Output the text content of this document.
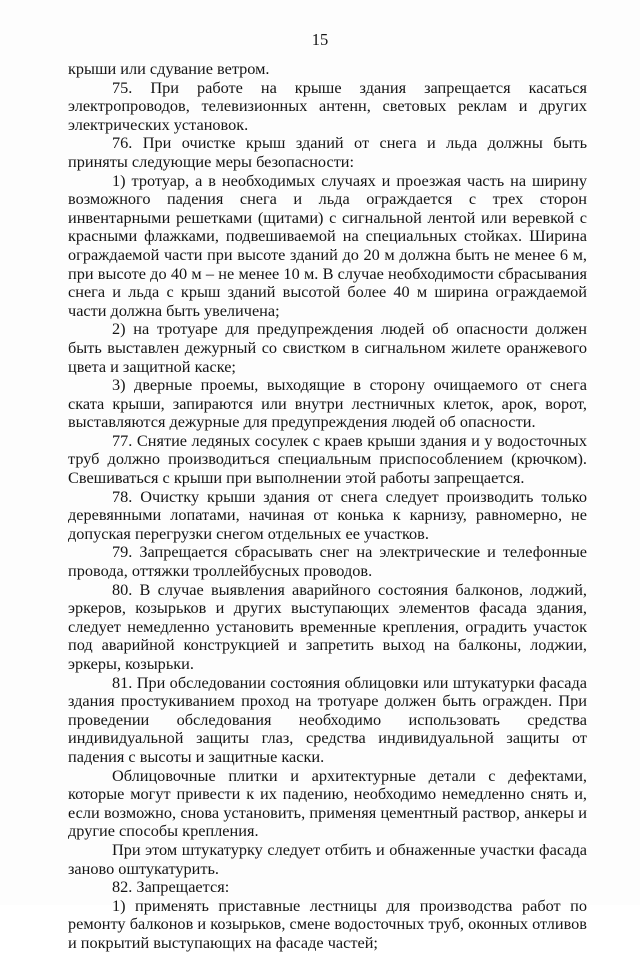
15

крыши или сдувание ветром.

75. При работе на крыше здания запрещается касаться электропроводов, телевизионных антенн, световых реклам и других электрических установок.

76. При очистке крыш зданий от снега и льда должны быть приняты следующие меры безопасности:

1) тротуар, а в необходимых случаях и проезжая часть на ширину возможного падения снега и льда ограждается с трех сторон инвентарными решетками (щитами) с сигнальной лентой или веревкой с красными флажками, подвешиваемой на специальных стойках. Ширина ограждаемой части при высоте зданий до 20 м должна быть не менее 6 м, при высоте до 40 м – не менее 10 м. В случае необходимости сбрасывания снега и льда с крыш зданий высотой более 40 м ширина ограждаемой части должна быть увеличена;

2) на тротуаре для предупреждения людей об опасности должен быть выставлен дежурный со свистком в сигнальном жилете оранжевого цвета и защитной каске;

3) дверные проемы, выходящие в сторону очищаемого от снега ската крыши, запираются или внутри лестничных клеток, арок, ворот, выставляются дежурные для предупреждения людей об опасности.

77. Снятие ледяных сосулек с краев крыши здания и у водосточных труб должно производиться специальным приспособлением (крючком). Свешиваться с крыши при выполнении этой работы запрещается.

78. Очистку крыши здания от снега следует производить только деревянными лопатами, начиная от конька к карнизу, равномерно, не допуская перегрузки снегом отдельных ее участков.

79. Запрещается сбрасывать снег на электрические и телефонные провода, оттяжки троллейбусных проводов.

80. В случае выявления аварийного состояния балконов, лоджий, эркеров, козырьков и других выступающих элементов фасада здания, следует немедленно установить временные крепления, оградить участок под аварийной конструкцией и запретить выход на балконы, лоджии, эркеры, козырьки.

81. При обследовании состояния облицовки или штукатурки фасада здания простукиванием проход на тротуаре должен быть огражден. При проведении обследования необходимо использовать средства индивидуальной защиты глаз, средства индивидуальной защиты от падения с высоты и защитные каски.

Облицовочные плитки и архитектурные детали с дефектами, которые могут привести к их падению, необходимо немедленно снять и, если возможно, снова установить, применяя цементный раствор, анкеры и другие способы крепления.

При этом штукатурку следует отбить и обнаженные участки фасада заново оштукатурить.

82. Запрещается:

1) применять приставные лестницы для производства работ по ремонту балконов и козырьков, смене водосточных труб, оконных отливов и покрытий выступающих на фасаде частей;
